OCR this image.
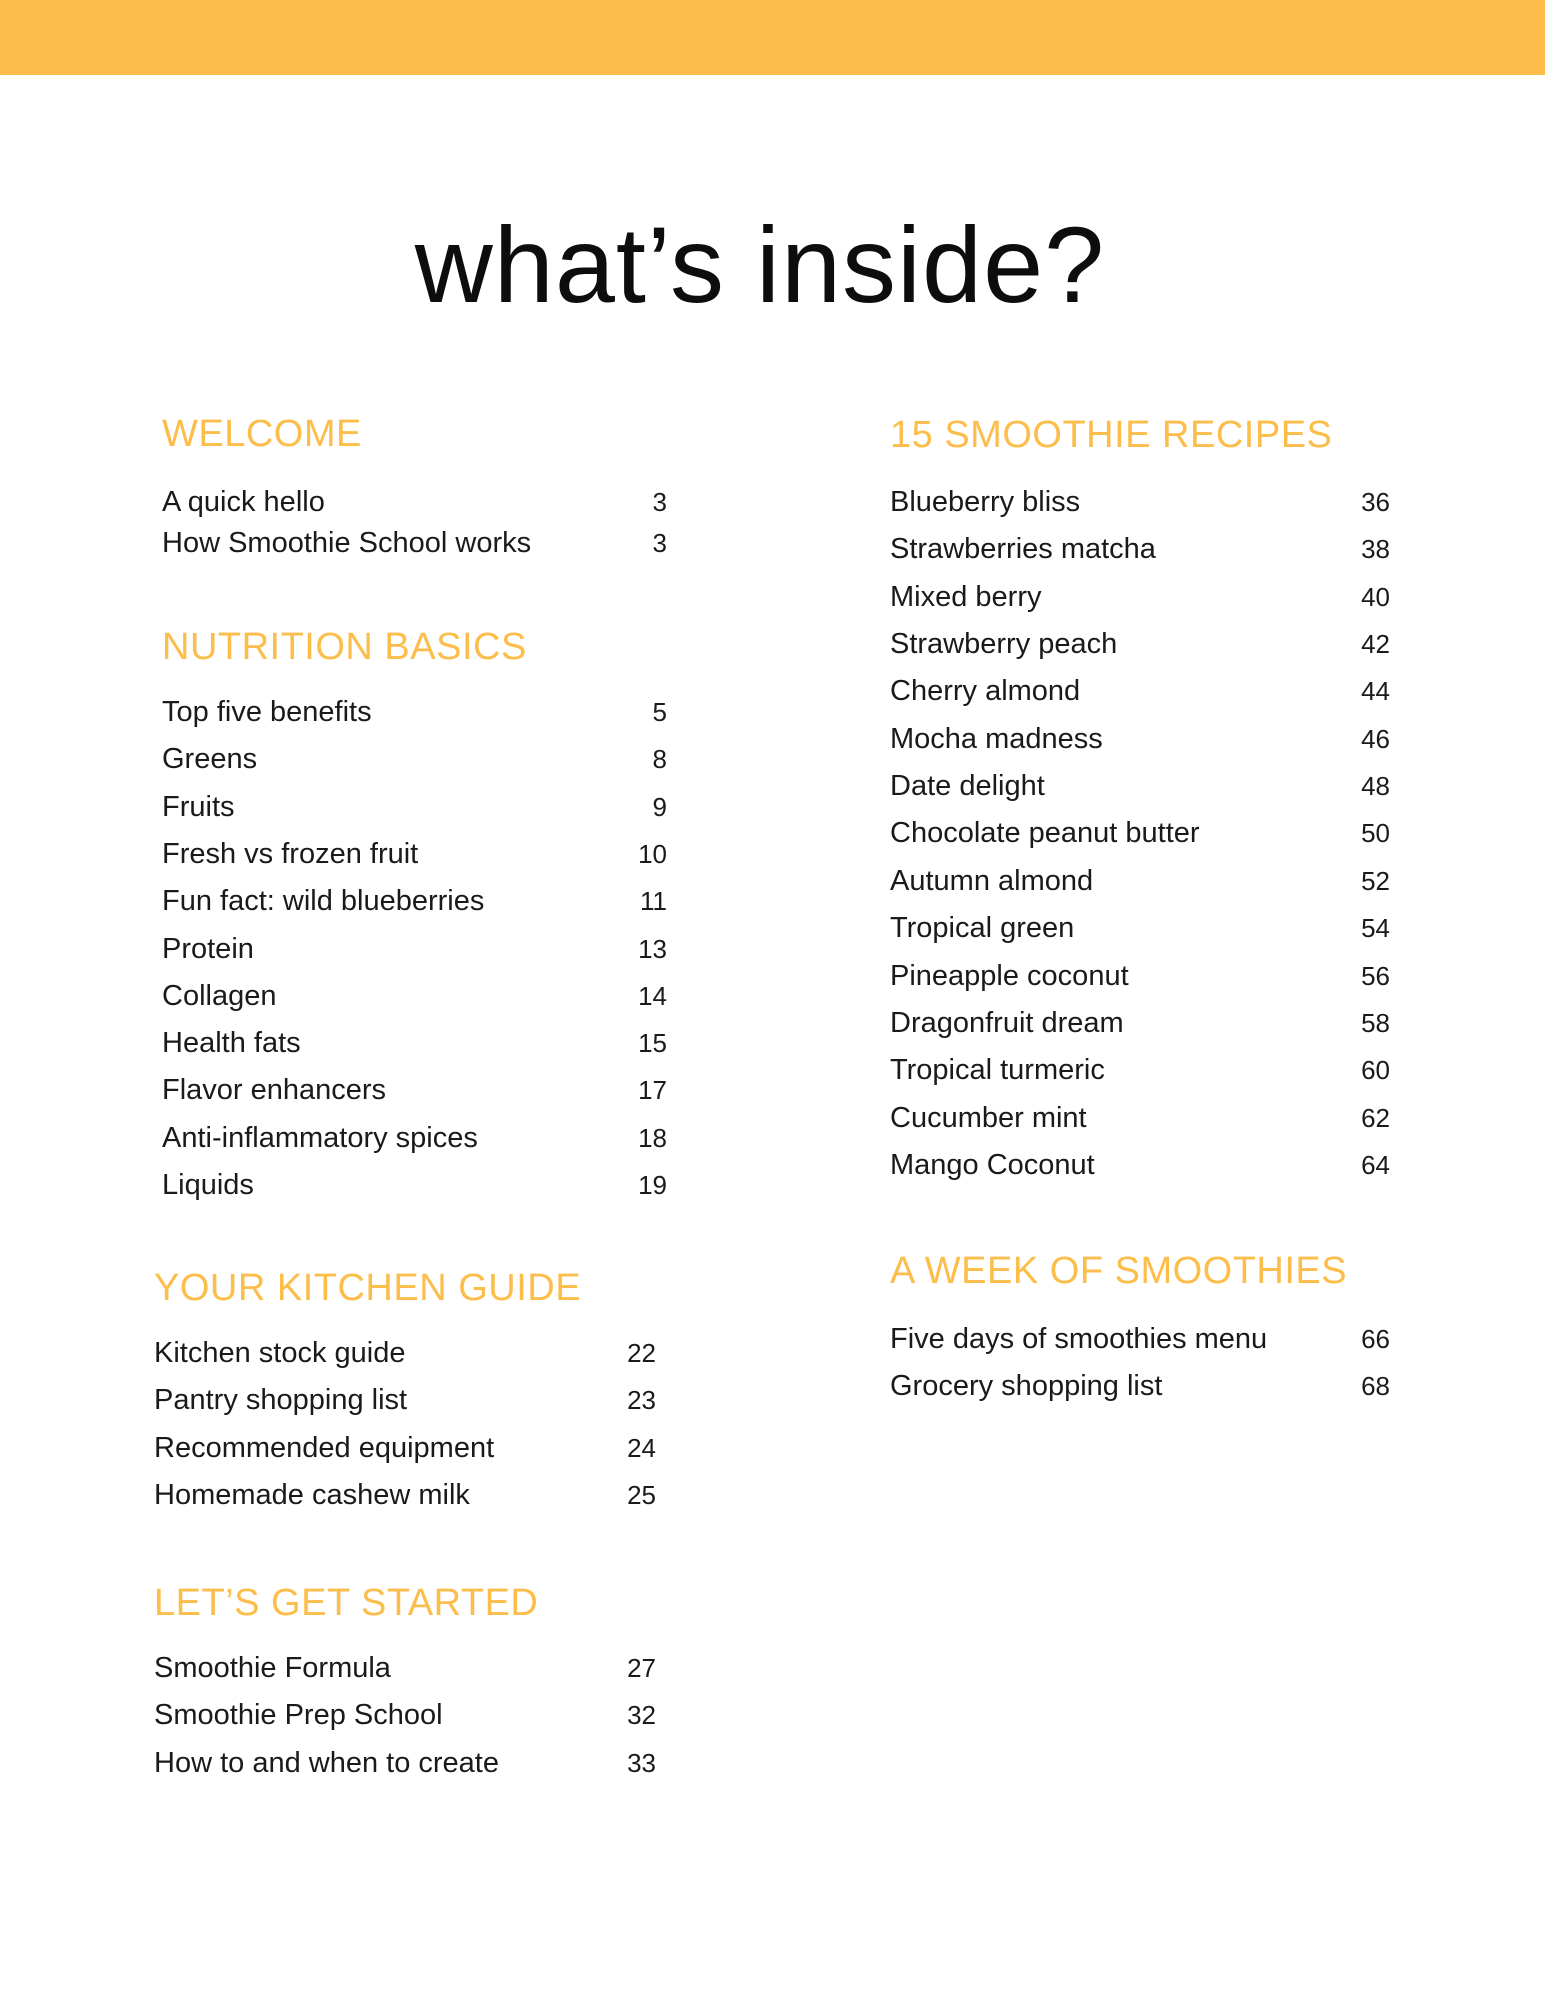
what’s inside?
WELCOME
A quick hello	3
How Smoothie School works	3
NUTRITION BASICS
Top five benefits	5
Greens	8
Fruits	9
Fresh vs frozen fruit	10
Fun fact: wild blueberries	11
Protein	13
Collagen	14
Health fats	15
Flavor enhancers	17
Anti-inflammatory spices	18
Liquids	19
YOUR KITCHEN GUIDE
Kitchen stock guide	22
Pantry shopping list	23
Recommended equipment	24
Homemade cashew milk	25
LET’S GET STARTED
Smoothie Formula	27
Smoothie Prep School	32
How to and when to create	33
15 SMOOTHIE RECIPES
Blueberry bliss	36
Strawberries matcha	38
Mixed berry	40
Strawberry peach	42
Cherry almond	44
Mocha madness	46
Date delight	48
Chocolate peanut butter	50
Autumn almond	52
Tropical green	54
Pineapple coconut	56
Dragonfruit dream	58
Tropical turmeric	60
Cucumber mint	62
Mango Coconut	64
A WEEK OF SMOOTHIES
Five days of smoothies menu	66
Grocery shopping list	68
